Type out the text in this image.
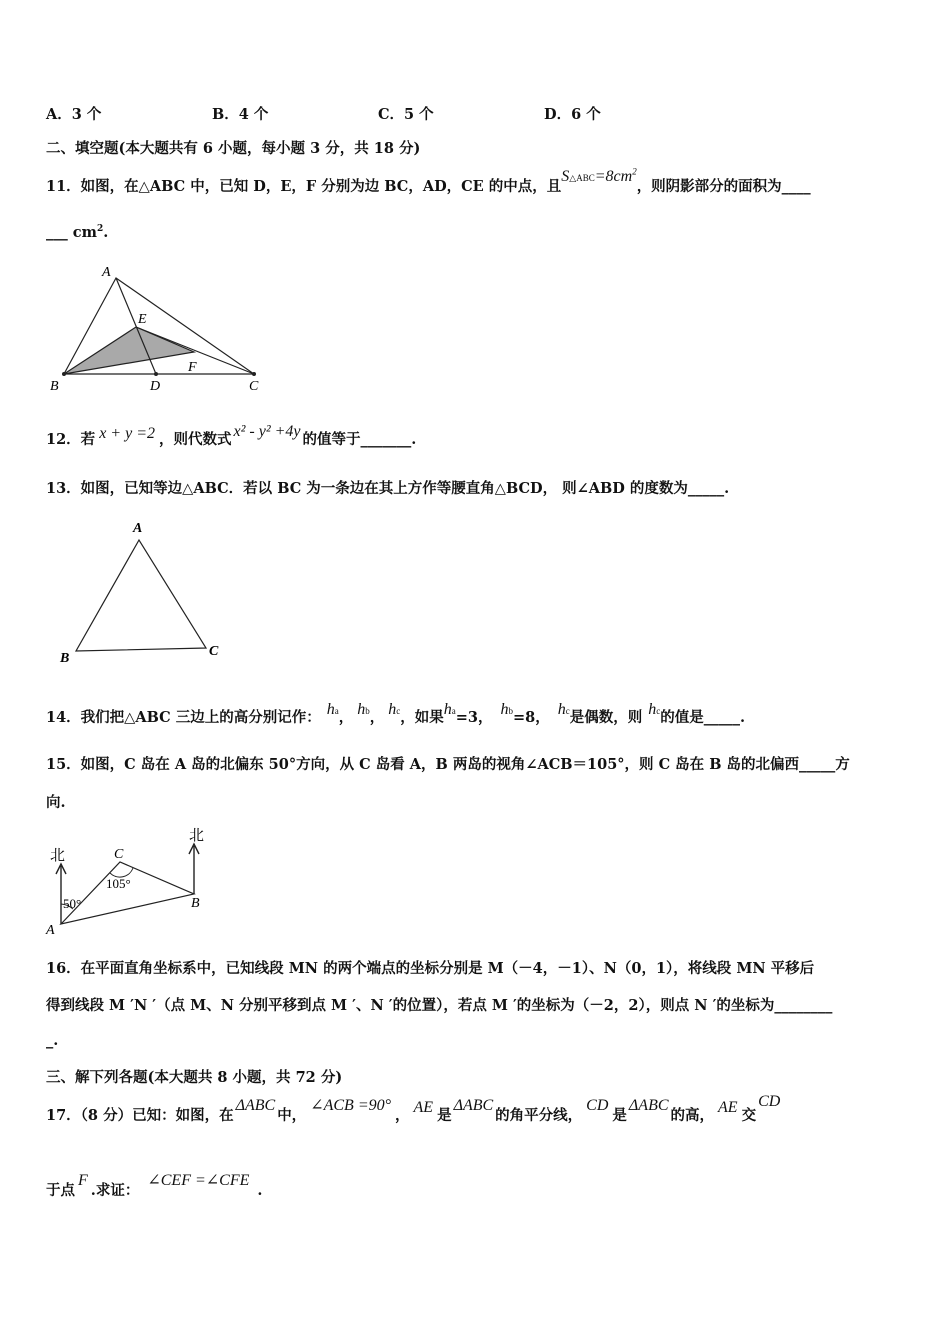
A．3 个	B．4 个	C．5 个	D．6 个
二、填空题(本大题共有 6 小题，每小题 3 分，共 18 分)
11．如图，在△ABC 中，已知 D，E，F 分别为边 BC，AD，CE 的中点，且$S\triangle ABC=8cm^2$，则阴影部分的面积为____
___ $cm^2$.
A
B	C
D
E
F
12．若 x + y =2 ，则代数式 x² - y² +4y 的值等于_______.
13．如图，已知等边△ABC．若以 BC 为一条边在其上方作等腰直角△BCD， 则∠ABD 的度数为_____.
A
B	C
14．我们把△ABC 三边上的高分别记作： ha， hb， hc，如果ha=3， hb=8， hc是偶数，则 hc的值是_____.
15．如图，C 岛在 A 岛的北偏东 50°方向，从 C 岛看 A，B 两岛的视角∠ACB＝105°，则 C 岛在 B 岛的北偏西_____方
向.
北
北
C
A
B
105°
50°
16．在平面直角坐标系中，已知线段 MN 的两个端点的坐标分别是 M（－4，－1）、N（0，1），将线段 MN 平移后
得到线段 M ′N ′（点 M、N 分别平移到点 M ′、N ′的位置），若点 M ′的坐标为（－2，2），则点 N ′的坐标为________
_.
三、解下列各题(本大题共 8 小题，共 72 分)
17．（8 分）已知：如图，在ΔABC中，∠ACB =90°， AE 是ΔABC的角平分线，CD是ΔABC的高， AE 交CD
于点F.求证：∠CEF =∠CFE.
